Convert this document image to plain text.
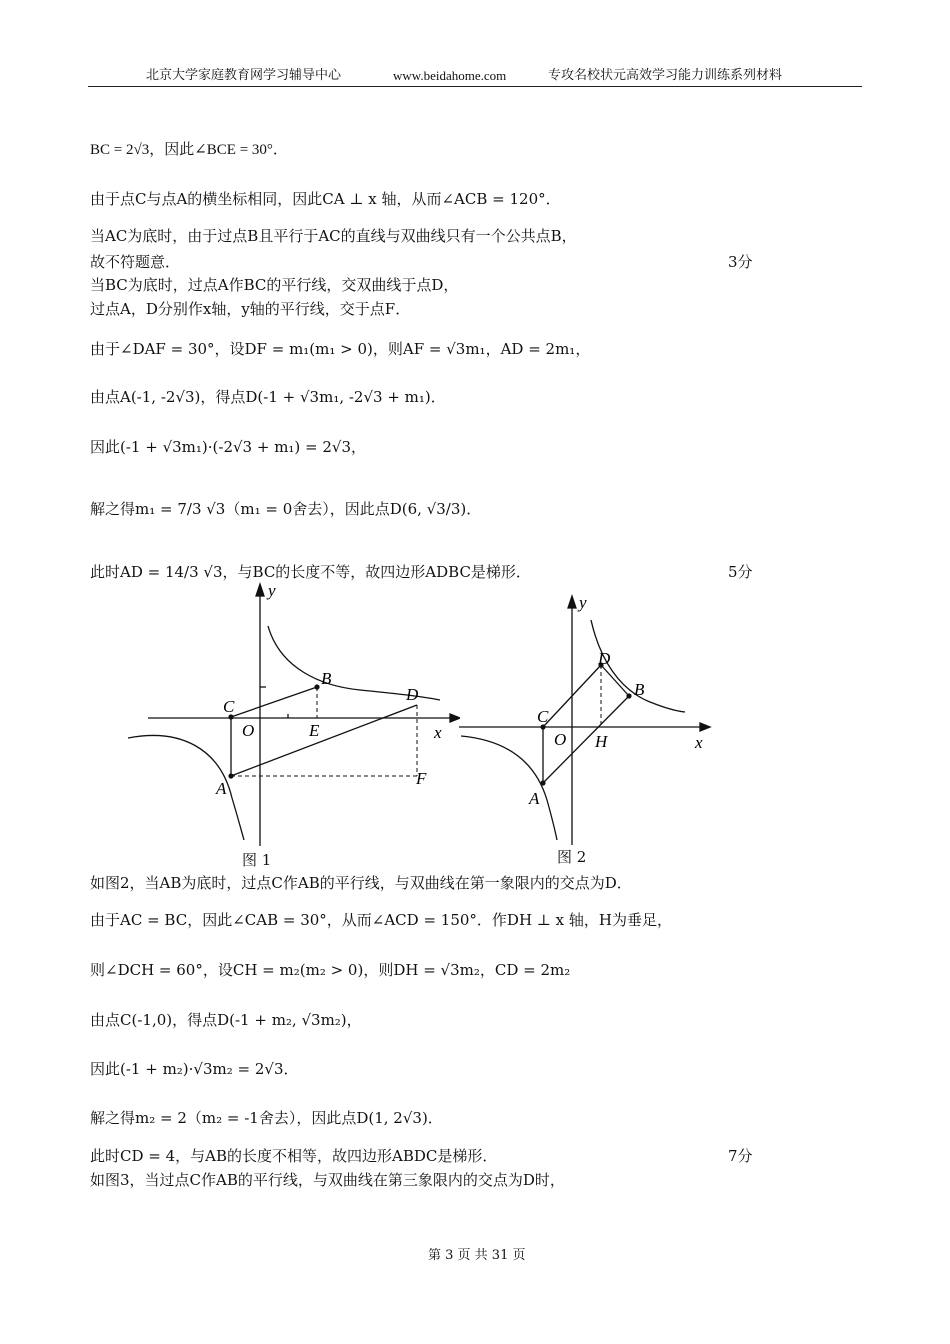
北京大学家庭教育网学习辅导中心	www.beidahome.com	专攻名校状元高效学习能力训练系列材料
BC = 2√3，因此∠BCE = 30°．
由于点C与点A的横坐标相同，因此CA ⊥ x 轴，从而∠ACB = 120°．
当AC为底时，由于过点B且平行于AC的直线与双曲线只有一个公共点B，
故不符题意．	3分
当BC为底时，过点A作BC的平行线，交双曲线于点D，
过点A，D分别作x轴，y轴的平行线，交于点F．
由于∠DAF = 30°，设DF = m₁(m₁ > 0)，则AF = √3m₁，AD = 2m₁，
由点A(-1, -2√3)，得点D(-1 + √3m₁, -2√3 + m₁)．
因此(-1 + √3m₁)·(-2√3 + m₁) = 2√3，
解之得m₁ = 7/3 √3（m₁ = 0舍去），因此点D(6, √3/3)．
此时AD = 14/3 √3，与BC的长度不等，故四边形ADBC是梯形．	5分
y
x
O
C
B
D
E
A
F
y
x
O
C
A
B
D
H
图 1	图 2
如图2，当AB为底时，过点C作AB的平行线，与双曲线在第一象限内的交点为D．
由于AC = BC，因此∠CAB = 30°，从而∠ACD = 150°．作DH ⊥ x 轴，H为垂足，
则∠DCH = 60°，设CH = m₂(m₂ > 0)，则DH = √3m₂，CD = 2m₂
由点C(-1,0)，得点D(-1 + m₂, √3m₂)，
因此(-1 + m₂)·√3m₂ = 2√3．
解之得m₂ = 2（m₂ = -1舍去），因此点D(1, 2√3)．
此时CD = 4，与AB的长度不相等，故四边形ABDC是梯形．	7分
如图3，当过点C作AB的平行线，与双曲线在第三象限内的交点为D时，
第 3 页 共 31 页
